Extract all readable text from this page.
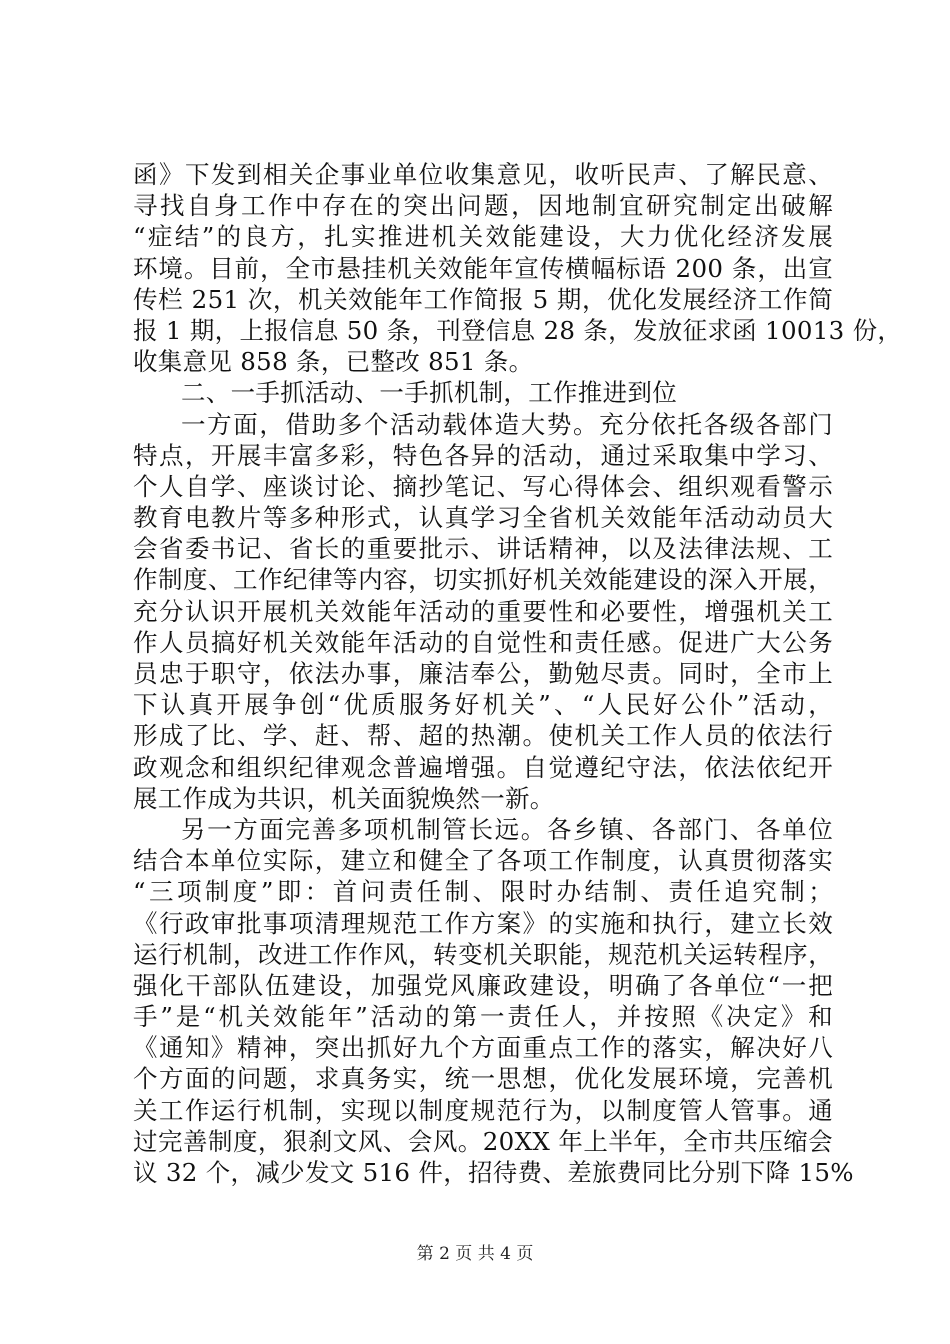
函》下发到相关企事业单位收集意见，收听民声、了解民意、
寻找自身工作中存在的突出问题，因地制宜研究制定出破解
“症结”的良方，扎实推进机关效能建设，大力优化经济发展
环境。目前，全市悬挂机关效能年宣传横幅标语 200 条，出宣
传栏 251 次，机关效能年工作简报 5 期，优化发展经济工作简
报 1 期，上报信息 50 条，刊登信息 28 条，发放征求函 10013 份，
收集意见 858 条，已整改 851 条。
二、一手抓活动、一手抓机制，工作推进到位
一方面，借助多个活动载体造大势。充分依托各级各部门
特点，开展丰富多彩，特色各异的活动，通过采取集中学习、
个人自学、座谈讨论、摘抄笔记、写心得体会、组织观看警示
教育电教片等多种形式，认真学习全省机关效能年活动动员大
会省委书记、省长的重要批示、讲话精神，以及法律法规、工
作制度、工作纪律等内容，切实抓好机关效能建设的深入开展，
充分认识开展机关效能年活动的重要性和必要性，增强机关工
作人员搞好机关效能年活动的自觉性和责任感。促进广大公务
员忠于职守，依法办事，廉洁奉公，勤勉尽责。同时，全市上
下认真开展争创“优质服务好机关”、“人民好公仆”活动，
形成了比、学、赶、帮、超的热潮。使机关工作人员的依法行
政观念和组织纪律观念普遍增强。自觉遵纪守法，依法依纪开
展工作成为共识，机关面貌焕然一新。
另一方面完善多项机制管长远。各乡镇、各部门、各单位
结合本单位实际，建立和健全了各项工作制度，认真贯彻落实
“三项制度”即：首问责任制、限时办结制、责任追究制；
《行政审批事项清理规范工作方案》的实施和执行，建立长效
运行机制，改进工作作风，转变机关职能，规范机关运转程序，
强化干部队伍建设，加强党风廉政建设，明确了各单位“一把
手”是“机关效能年”活动的第一责任人，并按照《决定》和
《通知》精神，突出抓好九个方面重点工作的落实，解决好八
个方面的问题，求真务实，统一思想，优化发展环境，完善机
关工作运行机制，实现以制度规范行为，以制度管人管事。通
过完善制度，狠刹文风、会风。20XX 年上半年，全市共压缩会
议 32 个，减少发文 516 件，招待费、差旅费同比分别下降 15%
第 2 页 共 4 页
